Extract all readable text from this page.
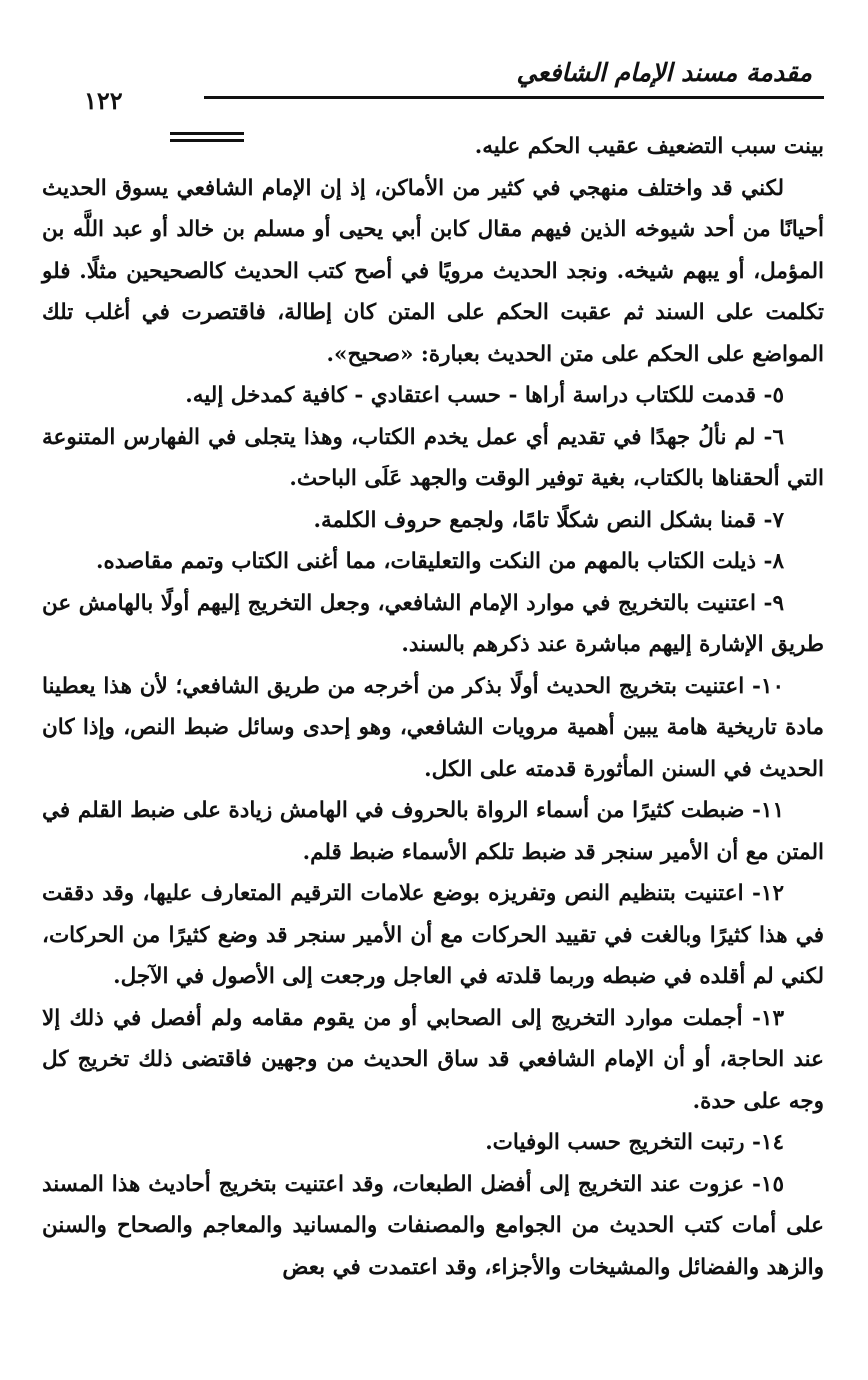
مقدمة مسند الإمام الشافعي
١٢٢

بينت سبب التضعيف عقيب الحكم عليه.

لكني قد واختلف منهجي في كثير من الأماكن، إذ إن الإمام الشافعي يسوق الحديث أحيانًا من أحد شيوخه الذين فيهم مقال كابن أبي يحيى أو مسلم بن خالد أو عبد اللَّه بن المؤمل، أو يبهم شيخه. ونجد الحديث مرويًا في أصح كتب الحديث كالصحيحين مثلًا. فلو تكلمت على السند ثم عقبت الحكم على المتن كان إطالة، فاقتصرت في أغلب تلك المواضع على الحكم على متن الحديث بعبارة: «صحيح».

٥- قدمت للكتاب دراسة أراها - حسب اعتقادي - كافية كمدخل إليه.

٦- لم نألُ جهدًا في تقديم أي عمل يخدم الكتاب، وهذا يتجلى في الفهارس المتنوعة التي ألحقناها بالكتاب، بغية توفير الوقت والجهد عَلَى الباحث.

٧- قمنا بشكل النص شكلًا تامًا، ولجمع حروف الكلمة.

٨- ذيلت الكتاب بالمهم من النكت والتعليقات، مما أغنى الكتاب وتمم مقاصده.

٩- اعتنيت بالتخريج في موارد الإمام الشافعي، وجعل التخريج إليهم أولًا بالهامش عن طريق الإشارة إليهم مباشرة عند ذكرهم بالسند.

١٠- اعتنيت بتخريج الحديث أولًا بذكر من أخرجه من طريق الشافعي؛ لأن هذا يعطينا مادة تاريخية هامة يبين أهمية مرويات الشافعي، وهو إحدى وسائل ضبط النص، وإذا كان الحديث في السنن المأثورة قدمته على الكل.

١١- ضبطت كثيرًا من أسماء الرواة بالحروف في الهامش زيادة على ضبط القلم في المتن مع أن الأمير سنجر قد ضبط تلكم الأسماء ضبط قلم.

١٢- اعتنيت بتنظيم النص وتفريزه بوضع علامات الترقيم المتعارف عليها، وقد دققت في هذا كثيرًا وبالغت في تقييد الحركات مع أن الأمير سنجر قد وضع كثيرًا من الحركات، لكني لم أقلده في ضبطه وربما قلدته في العاجل ورجعت إلى الأصول في الآجل.

١٣- أجملت موارد التخريج إلى الصحابي أو من يقوم مقامه ولم أفصل في ذلك إلا عند الحاجة، أو أن الإمام الشافعي قد ساق الحديث من وجهين فاقتضى ذلك تخريج كل وجه على حدة.

١٤- رتبت التخريج حسب الوفيات.

١٥- عزوت عند التخريج إلى أفضل الطبعات، وقد اعتنيت بتخريج أحاديث هذا المسند على أمات كتب الحديث من الجوامع والمصنفات والمسانيد والمعاجم والصحاح والسنن والزهد والفضائل والمشيخات والأجزاء، وقد اعتمدت في بعض
